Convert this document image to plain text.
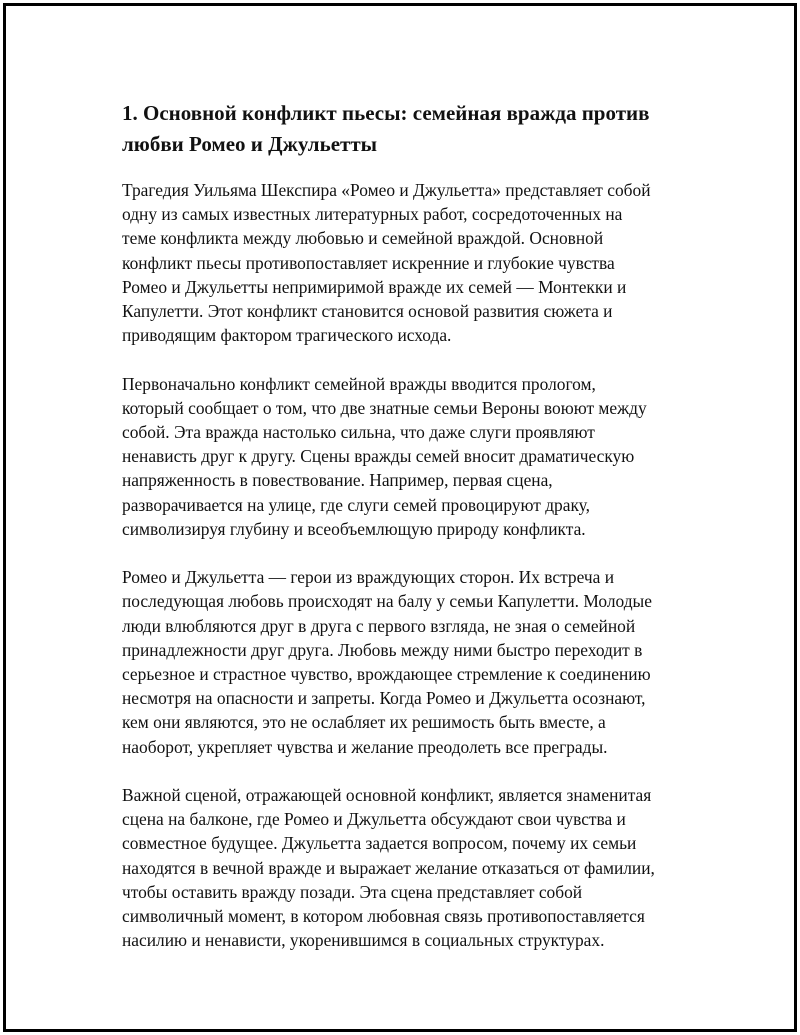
1. Основной конфликт пьесы: семейная вражда против
любви Ромео и Джульетты

Трагедия Уильяма Шекспира «Ромео и Джульетта» представляет собой
одну из самых известных литературных работ, сосредоточенных на
теме конфликта между любовью и семейной враждой. Основной
конфликт пьесы противопоставляет искренние и глубокие чувства
Ромео и Джульетты непримиримой вражде их семей — Монтекки и
Капулетти. Этот конфликт становится основой развития сюжета и
приводящим фактором трагического исхода.

Первоначально конфликт семейной вражды вводится прологом,
который сообщает о том, что две знатные семьи Вероны воюют между
собой. Эта вражда настолько сильна, что даже слуги проявляют
ненависть друг к другу. Сцены вражды семей вносит драматическую
напряженность в повествование. Например, первая сцена,
разворачивается на улице, где слуги семей провоцируют драку,
символизируя глубину и всеобъемлющую природу конфликта.

Ромео и Джульетта — герои из враждующих сторон. Их встреча и
последующая любовь происходят на балу у семьи Капулетти. Молодые
люди влюбляются друг в друга с первого взгляда, не зная о семейной
принадлежности друг друга. Любовь между ними быстро переходит в
серьезное и страстное чувство, врождающее стремление к соединению
несмотря на опасности и запреты. Когда Ромео и Джульетта осознают,
кем они являются, это не ослабляет их решимость быть вместе, а
наоборот, укрепляет чувства и желание преодолеть все преграды.

Важной сценой, отражающей основной конфликт, является знаменитая
сцена на балконе, где Ромео и Джульетта обсуждают свои чувства и
совместное будущее. Джульетта задается вопросом, почему их семьи
находятся в вечной вражде и выражает желание отказаться от фамилии,
чтобы оставить вражду позади. Эта сцена представляет собой
символичный момент, в котором любовная связь противопоставляется
насилию и ненависти, укоренившимся в социальных структурах.
